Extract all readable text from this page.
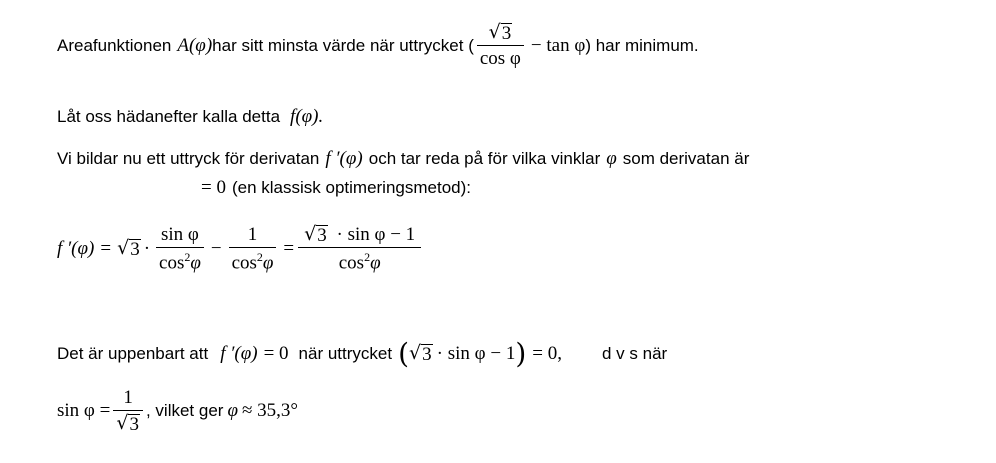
Areafunktionen A(φ) har sitt minsta värde när uttrycket ( $\frac{√ 3}{\text{cos φ}} - \tan \varphi$ ) har minimum.
Låt oss hädanefter kalla detta f(φ).
Vi bildar nu ett uttryck för derivatan f ′(φ) och tar reda på för vilka vinklar φ som derivatan är
= 0 (en klassisk optimeringsmetod):
f ′(φ) = √ $3 \cdot \frac{\text{sin φ}}{\cos^2\varphi} - \frac{1}{\cos^2\varphi} = \frac{\text{√ 3 · sin φ − 1}}{\cos^2\varphi}$
Det är uppenbart att f ′(φ) = 0 när uttrycket ( √ 3 · sin φ − 1 ) = 0, d v s när
$\sin \varphi = \frac{1}{√ 3}$ , vilket ger φ ≈ 35,3°
